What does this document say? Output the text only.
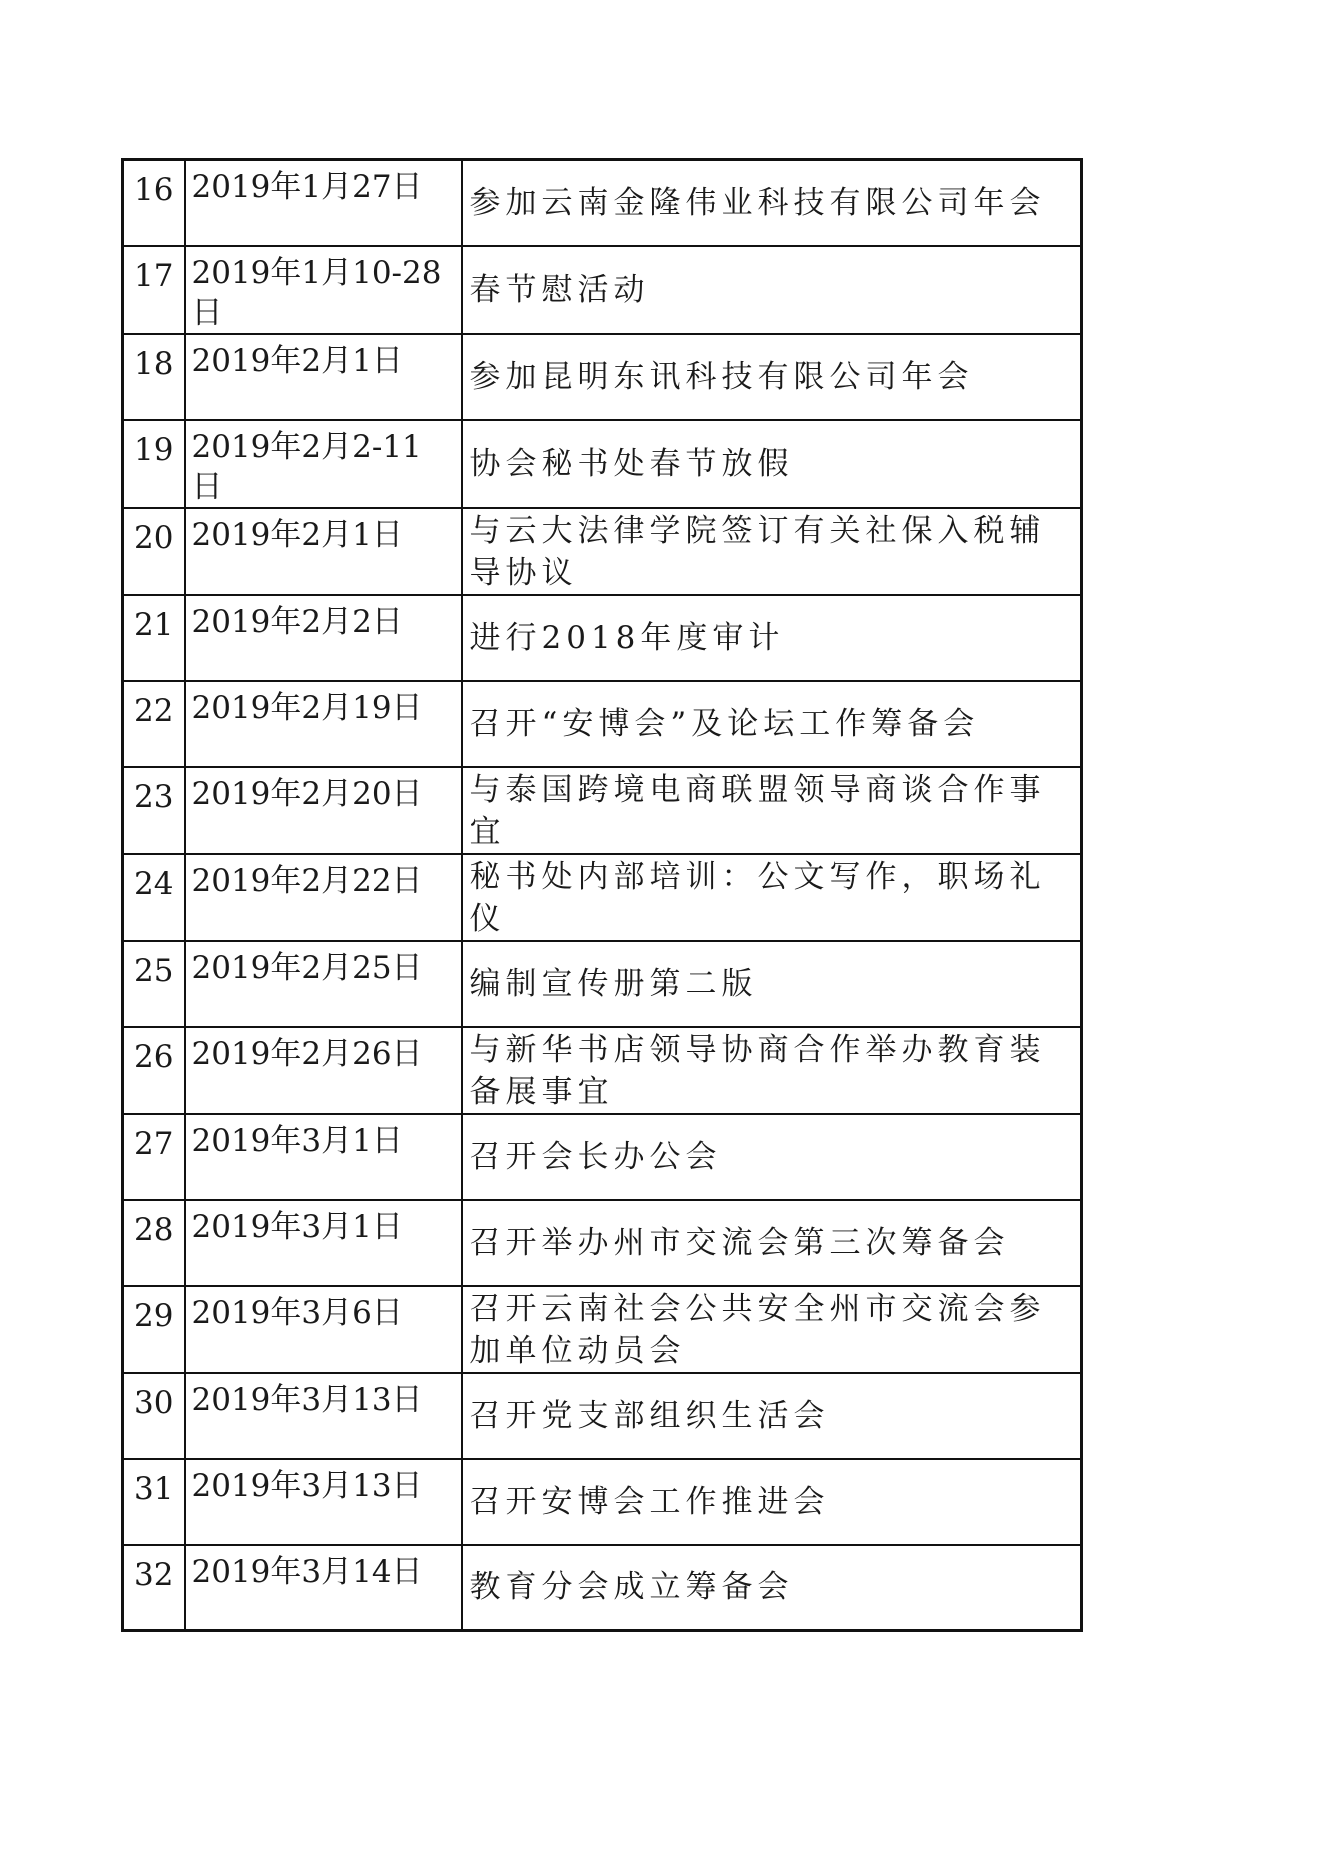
16	2019年1月27日	参加云南金隆伟业科技有限公司年会
17	2019年1月10-28日	春节慰活动
18	2019年2月1日	参加昆明东讯科技有限公司年会
19	2019年2月2-11日	协会秘书处春节放假
20	2019年2月1日	与云大法律学院签订有关社保入税辅导协议
21	2019年2月2日	进行2018年度审计
22	2019年2月19日	召开“安博会”及论坛工作筹备会
23	2019年2月20日	与泰国跨境电商联盟领导商谈合作事宜
24	2019年2月22日	秘书处内部培训：公文写作，职场礼仪
25	2019年2月25日	编制宣传册第二版
26	2019年2月26日	与新华书店领导协商合作举办教育装备展事宜
27	2019年3月1日	召开会长办公会
28	2019年3月1日	召开举办州市交流会第三次筹备会
29	2019年3月6日	召开云南社会公共安全州市交流会参加单位动员会
30	2019年3月13日	召开党支部组织生活会
31	2019年3月13日	召开安博会工作推进会
32	2019年3月14日	教育分会成立筹备会
